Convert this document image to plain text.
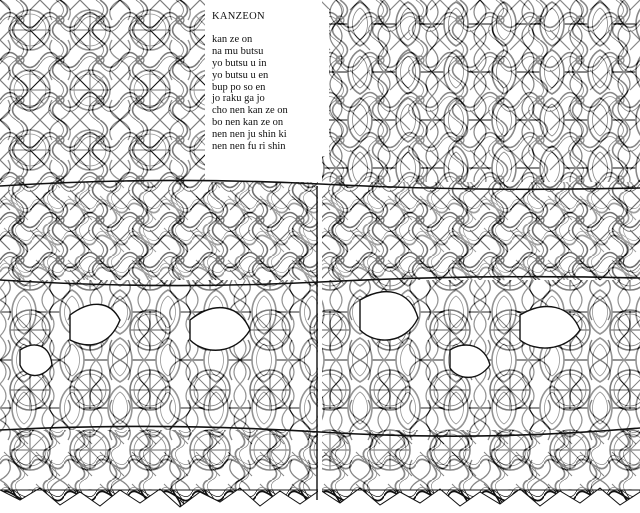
KANZEON
kan ze on
na mu butsu
yo butsu u in
yo butsu u en
bup po so en
jo raku ga jo
cho nen kan ze on
bo nen kan ze on
nen nen ju shin ki
nen nen fu ri shin
